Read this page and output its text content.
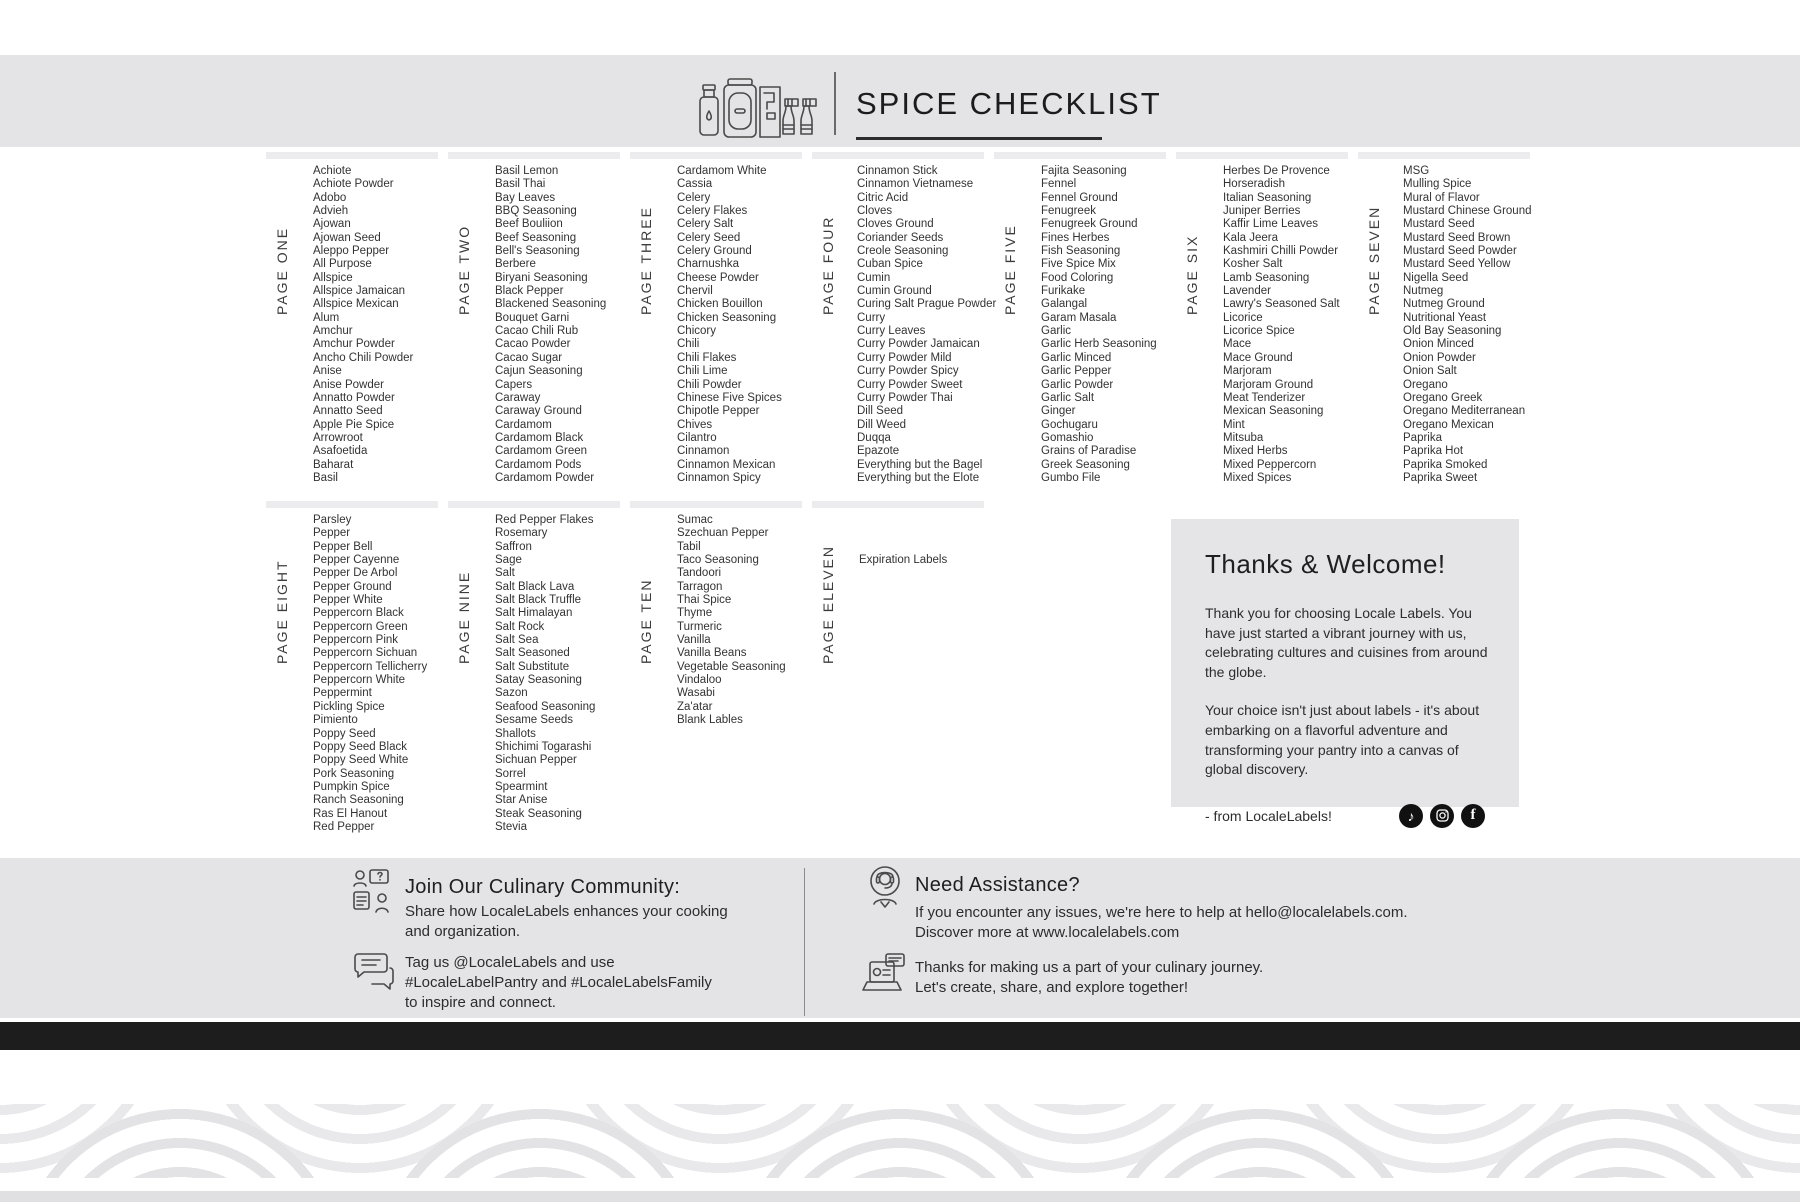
SPICE CHECKLIST
PAGE ONE
Achiote
Achiote Powder
Adobo
Advieh
Ajowan
Ajowan Seed
Aleppo Pepper
All Purpose
Allspice
Allspice Jamaican
Allspice Mexican
Alum
Amchur
Amchur Powder
Ancho Chili Powder
Anise
Anise Powder
Annatto Powder
Annatto Seed
Apple Pie Spice
Arrowroot
Asafoetida
Baharat
Basil
PAGE TWO
Basil Lemon
Basil Thai
Bay Leaves
BBQ Seasoning
Beef Bouliion
Beef Seasoning
Bell's Seasoning
Berbere
Biryani Seasoning
Black Pepper
Blackened Seasoning
Bouquet Garni
Cacao Chili Rub
Cacao Powder
Cacao Sugar
Cajun Seasoning
Capers
Caraway
Caraway Ground
Cardamom
Cardamom Black
Cardamom Green
Cardamom Pods
Cardamom Powder
PAGE THREE
Cardamom White
Cassia
Celery
Celery Flakes
Celery Salt
Celery Seed
Celery Ground
Charnushka
Cheese Powder
Chervil
Chicken Bouillon
Chicken Seasoning
Chicory
Chili
Chili Flakes
Chili Lime
Chili Powder
Chinese Five Spices
Chipotle Pepper
Chives
Cilantro
Cinnamon
Cinnamon Mexican
Cinnamon Spicy
PAGE FOUR
Cinnamon Stick
Cinnamon Vietnamese
Citric Acid
Cloves
Cloves Ground
Coriander Seeds
Creole Seasoning
Cuban Spice
Cumin
Cumin Ground
Curing Salt Prague Powder
Curry
Curry Leaves
Curry Powder Jamaican
Curry Powder Mild
Curry Powder Spicy
Curry Powder Sweet
Curry Powder Thai
Dill Seed
Dill Weed
Duqqa
Epazote
Everything but the Bagel
Everything but the Elote
PAGE FIVE
Fajita Seasoning
Fennel
Fennel Ground
Fenugreek
Fenugreek Ground
Fines Herbes
Fish Seasoning
Five Spice Mix
Food Coloring
Furikake
Galangal
Garam Masala
Garlic
Garlic Herb Seasoning
Garlic Minced
Garlic Pepper
Garlic Powder
Garlic Salt
Ginger
Gochugaru
Gomashio
Grains of Paradise
Greek Seasoning
Gumbo File
PAGE SIX
Herbes De Provence
Horseradish
Italian Seasoning
Juniper Berries
Kaffir Lime Leaves
Kala Jeera
Kashmiri Chilli Powder
Kosher Salt
Lamb Seasoning
Lavender
Lawry's Seasoned Salt
Licorice
Licorice Spice
Mace
Mace Ground
Marjoram
Marjoram Ground
Meat Tenderizer
Mexican Seasoning
Mint
Mitsuba
Mixed Herbs
Mixed Peppercorn
Mixed Spices
PAGE SEVEN
MSG
Mulling Spice
Mural of Flavor
Mustard Chinese Ground
Mustard Seed
Mustard Seed Brown
Mustard Seed Powder
Mustard Seed Yellow
Nigella Seed
Nutmeg
Nutmeg Ground
Nutritional Yeast
Old Bay Seasoning
Onion Minced
Onion Powder
Onion Salt
Oregano
Oregano Greek
Oregano Mediterranean
Oregano Mexican
Paprika
Paprika Hot
Paprika Smoked
Paprika Sweet
PAGE EIGHT
Parsley
Pepper
Pepper Bell
Pepper Cayenne
Pepper De Arbol
Pepper Ground
Pepper White
Peppercorn Black
Peppercorn Green
Peppercorn Pink
Peppercorn Sichuan
Peppercorn Tellicherry
Peppercorn White
Peppermint
Pickling Spice
Pimiento
Poppy Seed
Poppy Seed Black
Poppy Seed White
Pork Seasoning
Pumpkin Spice
Ranch Seasoning
Ras El Hanout
Red Pepper
PAGE NINE
Red Pepper Flakes
Rosemary
Saffron
Sage
Salt
Salt Black Lava
Salt Black Truffle
Salt Himalayan
Salt Rock
Salt Sea
Salt Seasoned
Salt Substitute
Satay Seasoning
Sazon
Seafood Seasoning
Sesame Seeds
Shallots
Shichimi Togarashi
Sichuan Pepper
Sorrel
Spearmint
Star Anise
Steak Seasoning
Stevia
PAGE TEN
Sumac
Szechuan Pepper
Tabil
Taco Seasoning
Tandoori
Tarragon
Thai Spice
Thyme
Turmeric
Vanilla
Vanilla Beans
Vegetable Seasoning
Vindaloo
Wasabi
Za'atar
Blank Lables
PAGE ELEVEN Expiration Labels	Thanks & Welcome!

Thank you for choosing Locale Labels. You have just started a vibrant journey with us, celebrating cultures and cuisines from around the globe.

Your choice isn't just about labels - it's about embarking on a flavorful adventure and transforming your pantry into a canvas of global discovery.

- from LocaleLabels!	♪	f
Join Our Culinary Community:
Share how LocaleLabels enhances your cooking and organization.
Tag us @LocaleLabels and use #LocaleLabelPantry and #LocaleLabelsFamily to inspire and connect.
Need Assistance?
If you encounter any issues, we're here to help at hello@localelabels.com.
Discover more at www.localelabels.com
Thanks for making us a part of your culinary journey.
Let's create, share, and explore together!
